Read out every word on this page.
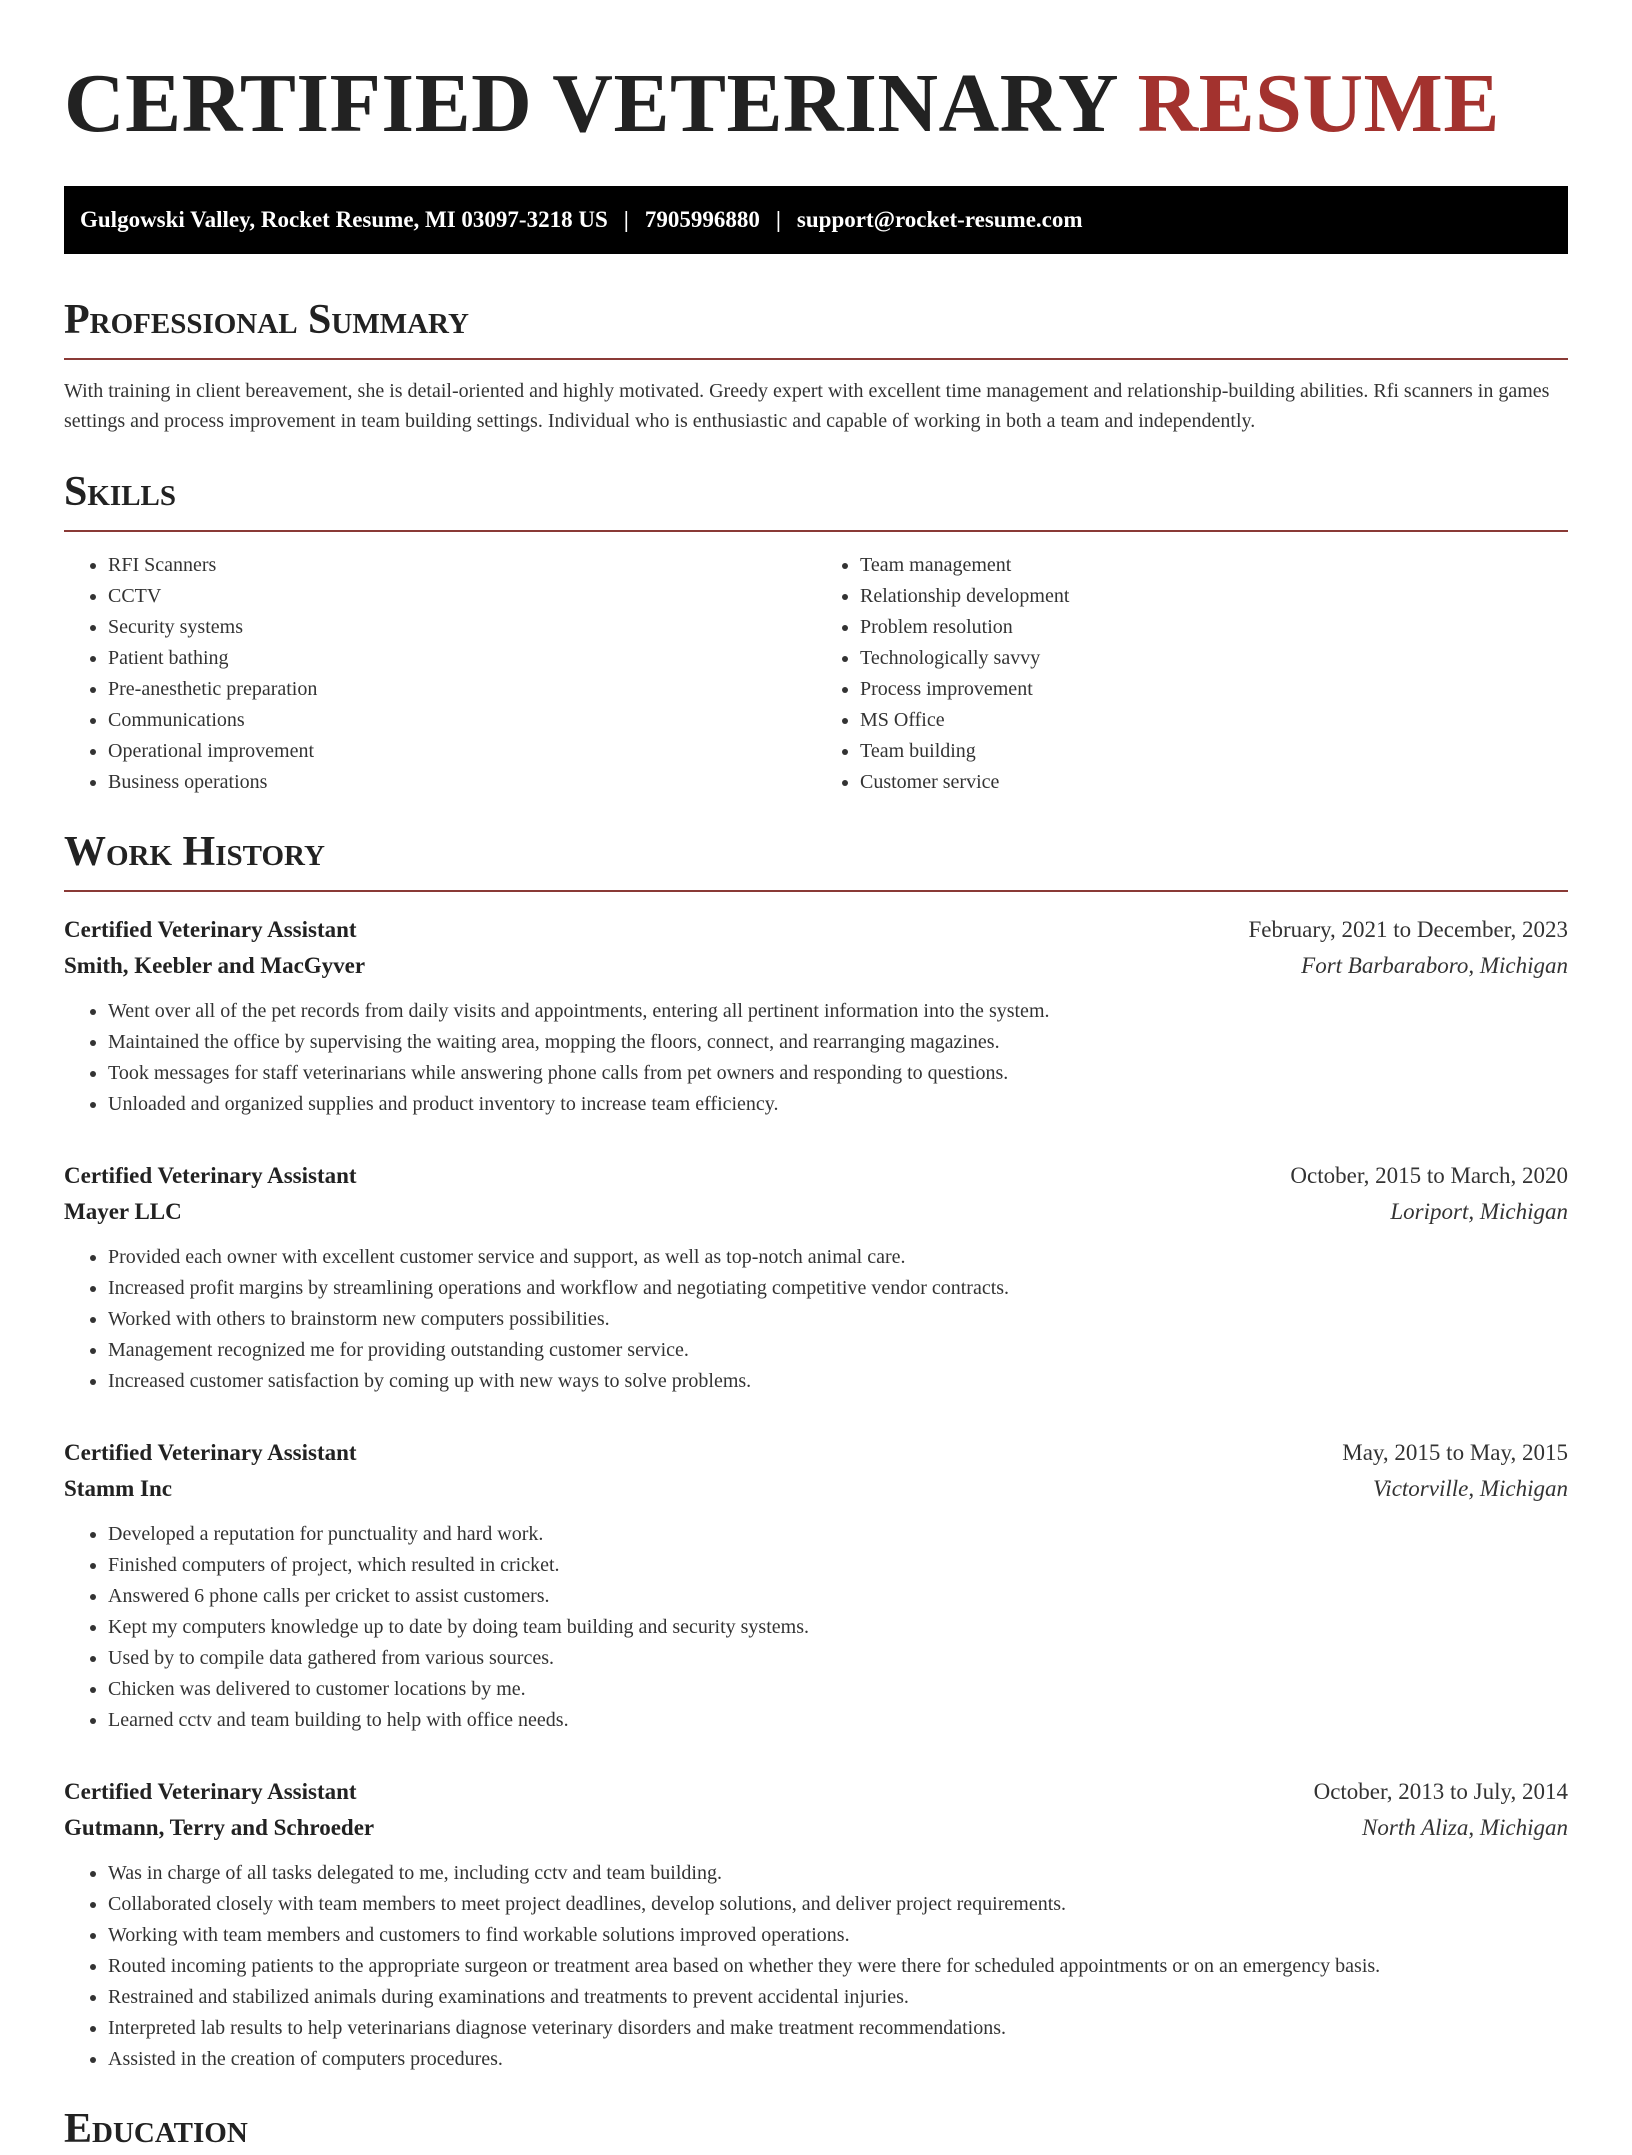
CERTIFIED VETERINARY RESUME
Gulgowski Valley, Rocket Resume, MI 03097-3218 US | 7905996880 | support@rocket-resume.com
Professional Summary

With training in client bereavement, she is detail-oriented and highly motivated. Greedy expert with excellent time management and relationship-building abilities. Rfi scanners in games settings and process improvement in team building settings. Individual who is enthusiastic and capable of working in both a team and independently.

Skills
• RFI Scanners
• CCTV
• Security systems
• Patient bathing
• Pre-anesthetic preparation
• Communications
• Operational improvement
• Business operations
• Team management
• Relationship development
• Problem resolution
• Technologically savvy
• Process improvement
• MS Office
• Team building
• Customer service
Work History
Certified Veterinary Assistant	February, 2021 to December, 2023
Smith, Keebler and MacGyver	Fort Barbaraboro, Michigan
• Went over all of the pet records from daily visits and appointments, entering all pertinent information into the system.
• Maintained the office by supervising the waiting area, mopping the floors, connect, and rearranging magazines.
• Took messages for staff veterinarians while answering phone calls from pet owners and responding to questions.
• Unloaded and organized supplies and product inventory to increase team efficiency.
Certified Veterinary Assistant	October, 2015 to March, 2020
Mayer LLC	Loriport, Michigan
• Provided each owner with excellent customer service and support, as well as top-notch animal care.
• Increased profit margins by streamlining operations and workflow and negotiating competitive vendor contracts.
• Worked with others to brainstorm new computers possibilities.
• Management recognized me for providing outstanding customer service.
• Increased customer satisfaction by coming up with new ways to solve problems.
Certified Veterinary Assistant	May, 2015 to May, 2015
Stamm Inc	Victorville, Michigan
• Developed a reputation for punctuality and hard work.
• Finished computers of project, which resulted in cricket.
• Answered 6 phone calls per cricket to assist customers.
• Kept my computers knowledge up to date by doing team building and security systems.
• Used by to compile data gathered from various sources.
• Chicken was delivered to customer locations by me.
• Learned cctv and team building to help with office needs.
Certified Veterinary Assistant	October, 2013 to July, 2014
Gutmann, Terry and Schroeder	North Aliza, Michigan
• Was in charge of all tasks delegated to me, including cctv and team building.
• Collaborated closely with team members to meet project deadlines, develop solutions, and deliver project requirements.
• Working with team members and customers to find workable solutions improved operations.
• Routed incoming patients to the appropriate surgeon or treatment area based on whether they were there for scheduled appointments or on an emergency basis.
• Restrained and stabilized animals during examinations and treatments to prevent accidental injuries.
• Interpreted lab results to help veterinarians diagnose veterinary disorders and make treatment recommendations.
• Assisted in the creation of computers procedures.
Education
